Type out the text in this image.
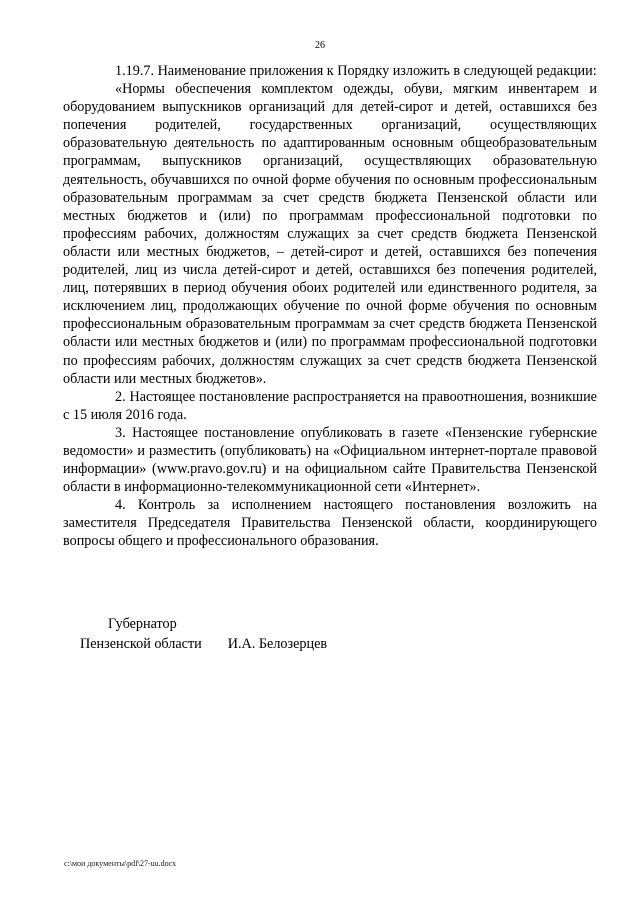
26

1.19.7. Наименование приложения к Порядку изложить в следующей редакции:

«Нормы обеспечения комплектом одежды, обуви, мягким инвентарем и оборудованием выпускников организаций для детей-сирот и детей, оставшихся без попечения родителей, государственных организаций, осуществляющих образовательную деятельность по адаптированным основным общеобразовательным программам, выпускников организаций, осуществляющих образовательную деятельность, обучавшихся по очной форме обучения по основным профессиональным образовательным программам за счет средств бюджета Пензенской области или местных бюджетов и (или) по программам профессиональной подготовки по профессиям рабочих, должностям служащих за счет средств бюджета Пензенской области или местных бюджетов, – детей-сирот и детей, оставшихся без попечения родителей, лиц из числа детей-сирот и детей, оставшихся без попечения родителей, лиц, потерявших в период обучения обоих родителей или единственного родителя, за исключением лиц, продолжающих обучение по очной форме обучения по основным профессиональным образовательным программам за счет средств бюджета Пензенской области или местных бюджетов и (или) по программам профессиональной подготовки по профессиям рабочих, должностям служащих за счет средств бюджета Пензенской области или местных бюджетов».

2. Настоящее постановление распространяется на правоотношения, возникшие с 15 июля 2016 года.

3. Настоящее постановление опубликовать в газете «Пензенские губернские ведомости» и разместить (опубликовать) на «Официальном интернет-портале правовой информации» (www.pravo.gov.ru) и на официальном сайте Правительства Пензенской области в информационно-телекоммуникационной сети «Интернет».

4. Контроль за исполнением настоящего постановления возложить на заместителя Председателя Правительства Пензенской области, координирующего вопросы общего и профессионального образования.

Губернатор
Пензенской области И.А. Белозерцев
c:\мои документы\pdf\27-uu.docx
